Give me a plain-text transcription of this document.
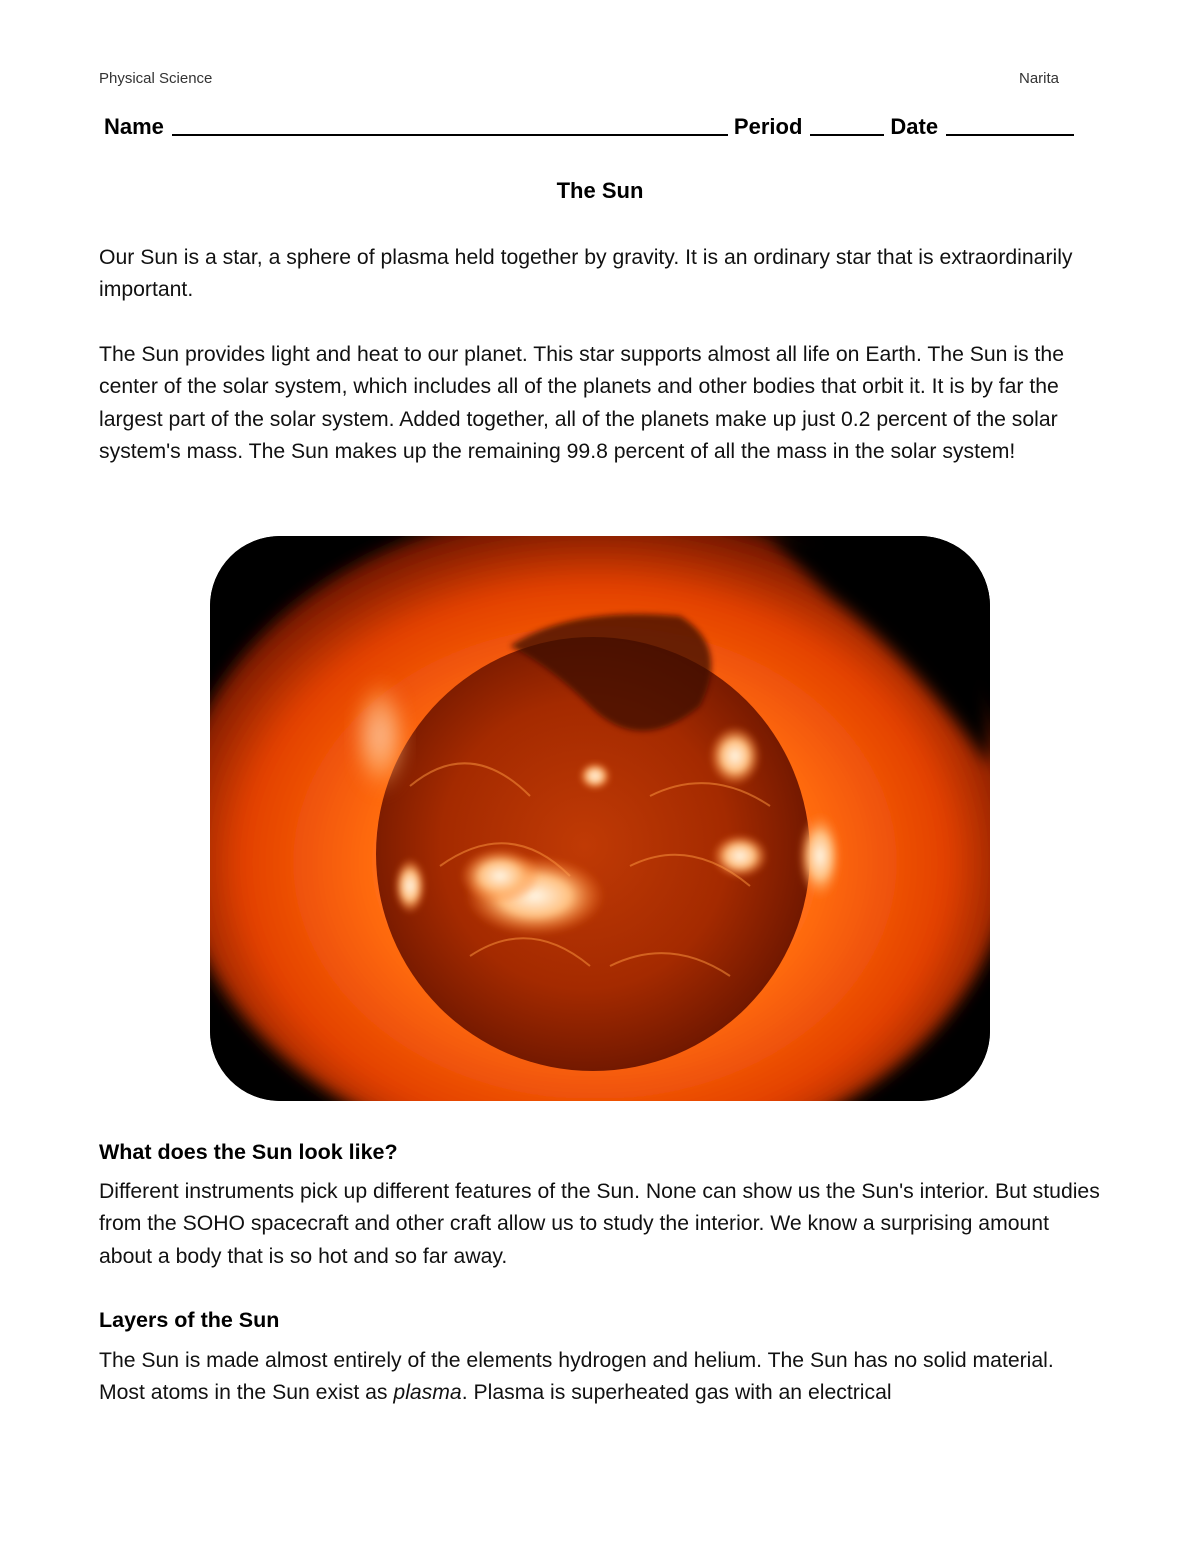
Physical Science	Narita
Name	Period	Date
The Sun

Our Sun is a star, a sphere of plasma held together by gravity. It is an ordinary star that is extraordinarily important.

The Sun provides light and heat to our planet. This star supports almost all life on Earth. The Sun is the center of the solar system, which includes all of the planets and other bodies that orbit it. It is by far the largest part of the solar system. Added together, all of the planets make up just 0.2 percent of the solar system's mass. The Sun makes up the remaining 99.8 percent of all the mass in the solar system!

What does the Sun look like?

Different instruments pick up different features of the Sun. None can show us the Sun's interior. But studies from the SOHO spacecraft and other craft allow us to study the interior. We know a surprising amount about a body that is so hot and so far away.

Layers of the Sun

The Sun is made almost entirely of the elements hydrogen and helium. The Sun has no solid material. Most atoms in the Sun exist as plasma. Plasma is superheated gas with an electrical
